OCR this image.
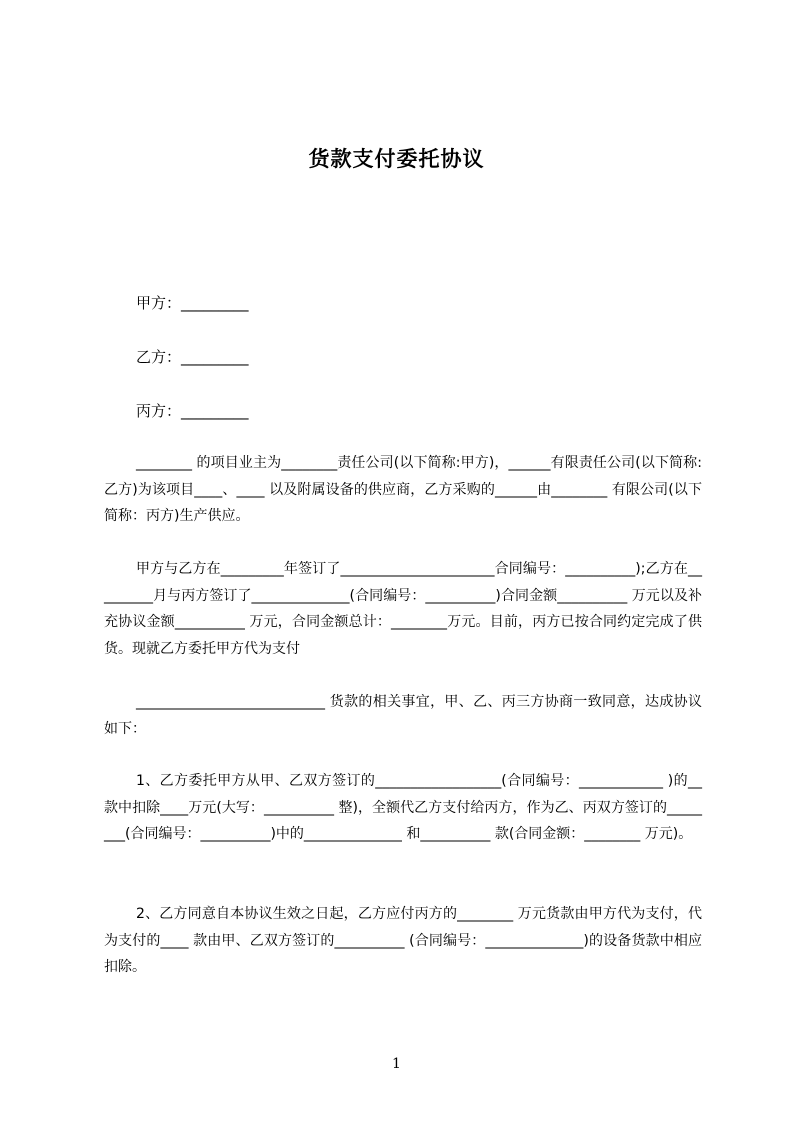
货款支付委托协议

甲方：_________

乙方：_________

丙方：_________

________ 的项目业主为________责任公司(以下简称:甲方)，______有限责任公司(以下简称:乙方)为该项目____、____ 以及附属设备的供应商，乙方采购的______由________ 有限公司(以下简称：丙方)生产供应。

甲方与乙方在_________年签订了______________________合同编号：__________);乙方在_________月与丙方签订了______________(合同编号：__________)合同金额__________ 万元以及补充协议金额__________ 万元，合同金额总计：________万元。目前，丙方已按合同约定完成了供货。现就乙方委托甲方代为支付

___________________________ 货款的相关事宜，甲、乙、丙三方协商一致同意，达成协议如下：

1、乙方委托甲方从甲、乙双方签订的__________________(合同编号：____________ )的__款中扣除____万元(大写：__________ 整)，全额代乙方支付给丙方，作为乙、丙双方签订的________(合同编号：__________)中的______________ 和__________ 款(合同金额：________ 万元)。

2、乙方同意自本协议生效之日起，乙方应付丙方的________ 万元货款由甲方代为支付，代为支付的____ 款由甲、乙双方签订的__________ (合同编号：______________)的设备货款中相应扣除。

1
